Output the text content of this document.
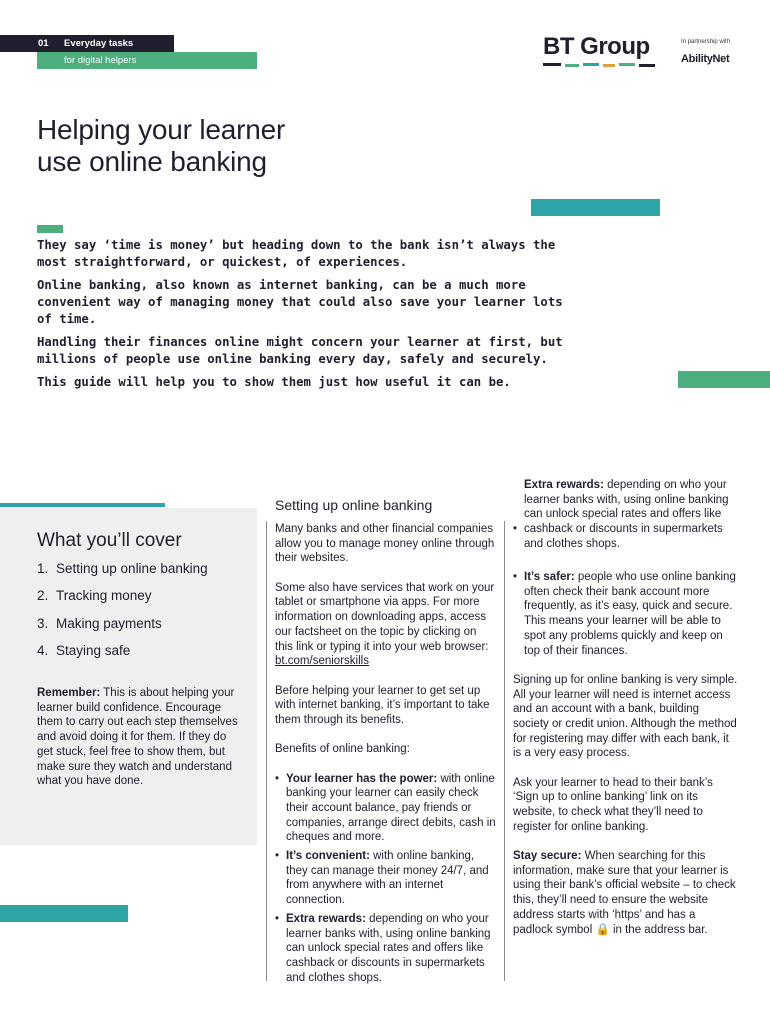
01 Everyday tasks
for digital helpers
BT Group	In partnership with
AbilityNet
Helping your learner
use online banking

They say ‘time is money’ but heading down to the bank isn’t always the most straightforward, or quickest, of experiences.

Online banking, also known as internet banking, can be a much more convenient way of managing money that could also save your learner lots of time.

Handling their finances online might concern your learner at first, but millions of people use online banking every day, safely and securely.

This guide will help you to show them just how useful it can be.

What you’ll cover
1. Setting up online banking
2. Tracking money
3. Making payments
4. Staying safe
Remember: This is about helping your learner build confidence. Encourage them to carry out each step themselves and avoid doing it for them. If they do get stuck, feel free to show them, but make sure they watch and understand what you have done.
Setting up online banking

Many banks and other financial companies allow you to manage money online through their websites.

Some also have services that work on your tablet or smartphone via apps. For more information on downloading apps, access our factsheet on the topic by clicking on this link or typing it into your web browser: bt.com/seniorskills

Before helping your learner to get set up with internet banking, it’s important to take them through its benefits.

Benefits of online banking:

• Your learner has the power: with online banking your learner can easily check their account balance, pay friends or companies, arrange direct debits, cash in cheques and more.
• It’s convenient: with online banking, they can manage their money 24/7, and from anywhere with an internet connection.
• Extra rewards: depending on who your learner banks with, using online banking can unlock special rates and offers like cashback or discounts in supermarkets and clothes shops.
• Extra rewards: depending on who your learner banks with, using online banking can unlock special rates and offers like cashback or discounts in supermarkets and clothes shops.
• It’s safer: people who use online banking often check their bank account more frequently, as it’s easy, quick and secure. This means your learner will be able to spot any problems quickly and keep on top of their finances.

Signing up for online banking is very simple. All your learner will need is internet access and an account with a bank, building society or credit union. Although the method for registering may differ with each bank, it is a very easy process.

Ask your learner to head to their bank’s ‘Sign up to online banking’ link on its website, to check what they’ll need to register for online banking.

Stay secure: When searching for this information, make sure that your learner is using their bank’s official website – to check this, they’ll need to ensure the website address starts with ‘https’ and has a padlock symbol 🔒 in the address bar.
